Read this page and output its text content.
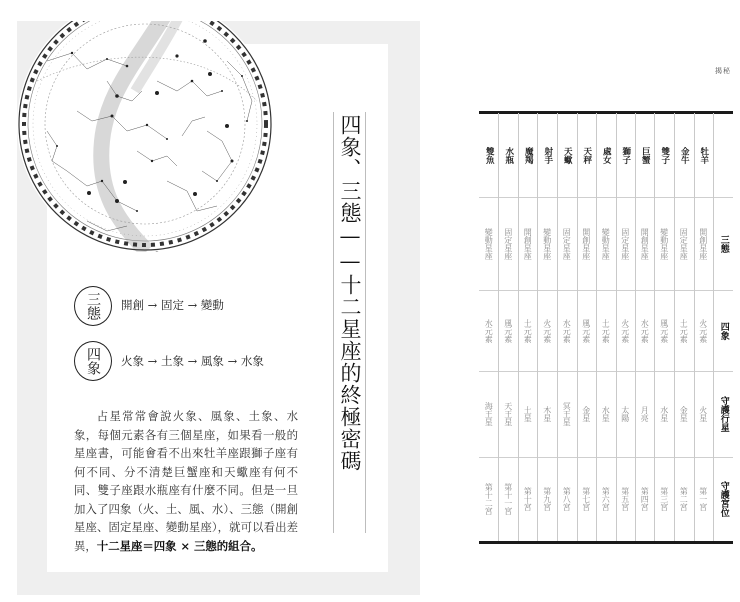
四象、三態——十二星座的終極密碼
三態 開創 → 固定 → 變動
四象 火象 → 土象 → 風象 → 水象

占星常常會說火象、風象、土象、水象，每個元素各有三個星座，如果看一般的星座書，可能會看不出來牡羊座跟獅子座有何不同、分不清楚巨蟹座和天蠍座有何不同、雙子座跟水瓶座有什麼不同。但是一旦加入了四象（火、土、風、水）、三態（開創星座、固定星座、變動星座），就可以看出差異，十二星座＝四象 × 三態的組合。

揭秘
雙魚 水瓶 魔羯 射手 天蠍 天秤 處女 獅子 巨蟹 雙子 金牛 牡羊
變動星座 固定星座 開創星座 變動星座 固定星座 開創星座 變動星座 固定星座 開創星座 變動星座 固定星座 開創星座 三態
水元素 風元素 土元素 火元素 水元素 風元素 土元素 火元素 水元素 風元素 土元素 火元素 四象
海王星 天王星 土星 木星 冥王星 金星 水星 太陽 月亮 水星 金星 火星 守護行星
第十二宮 第十一宮 第十宮 第九宮 第八宮 第七宮 第六宮 第五宮 第四宮 第三宮 第二宮 第一宮 守護宮位
